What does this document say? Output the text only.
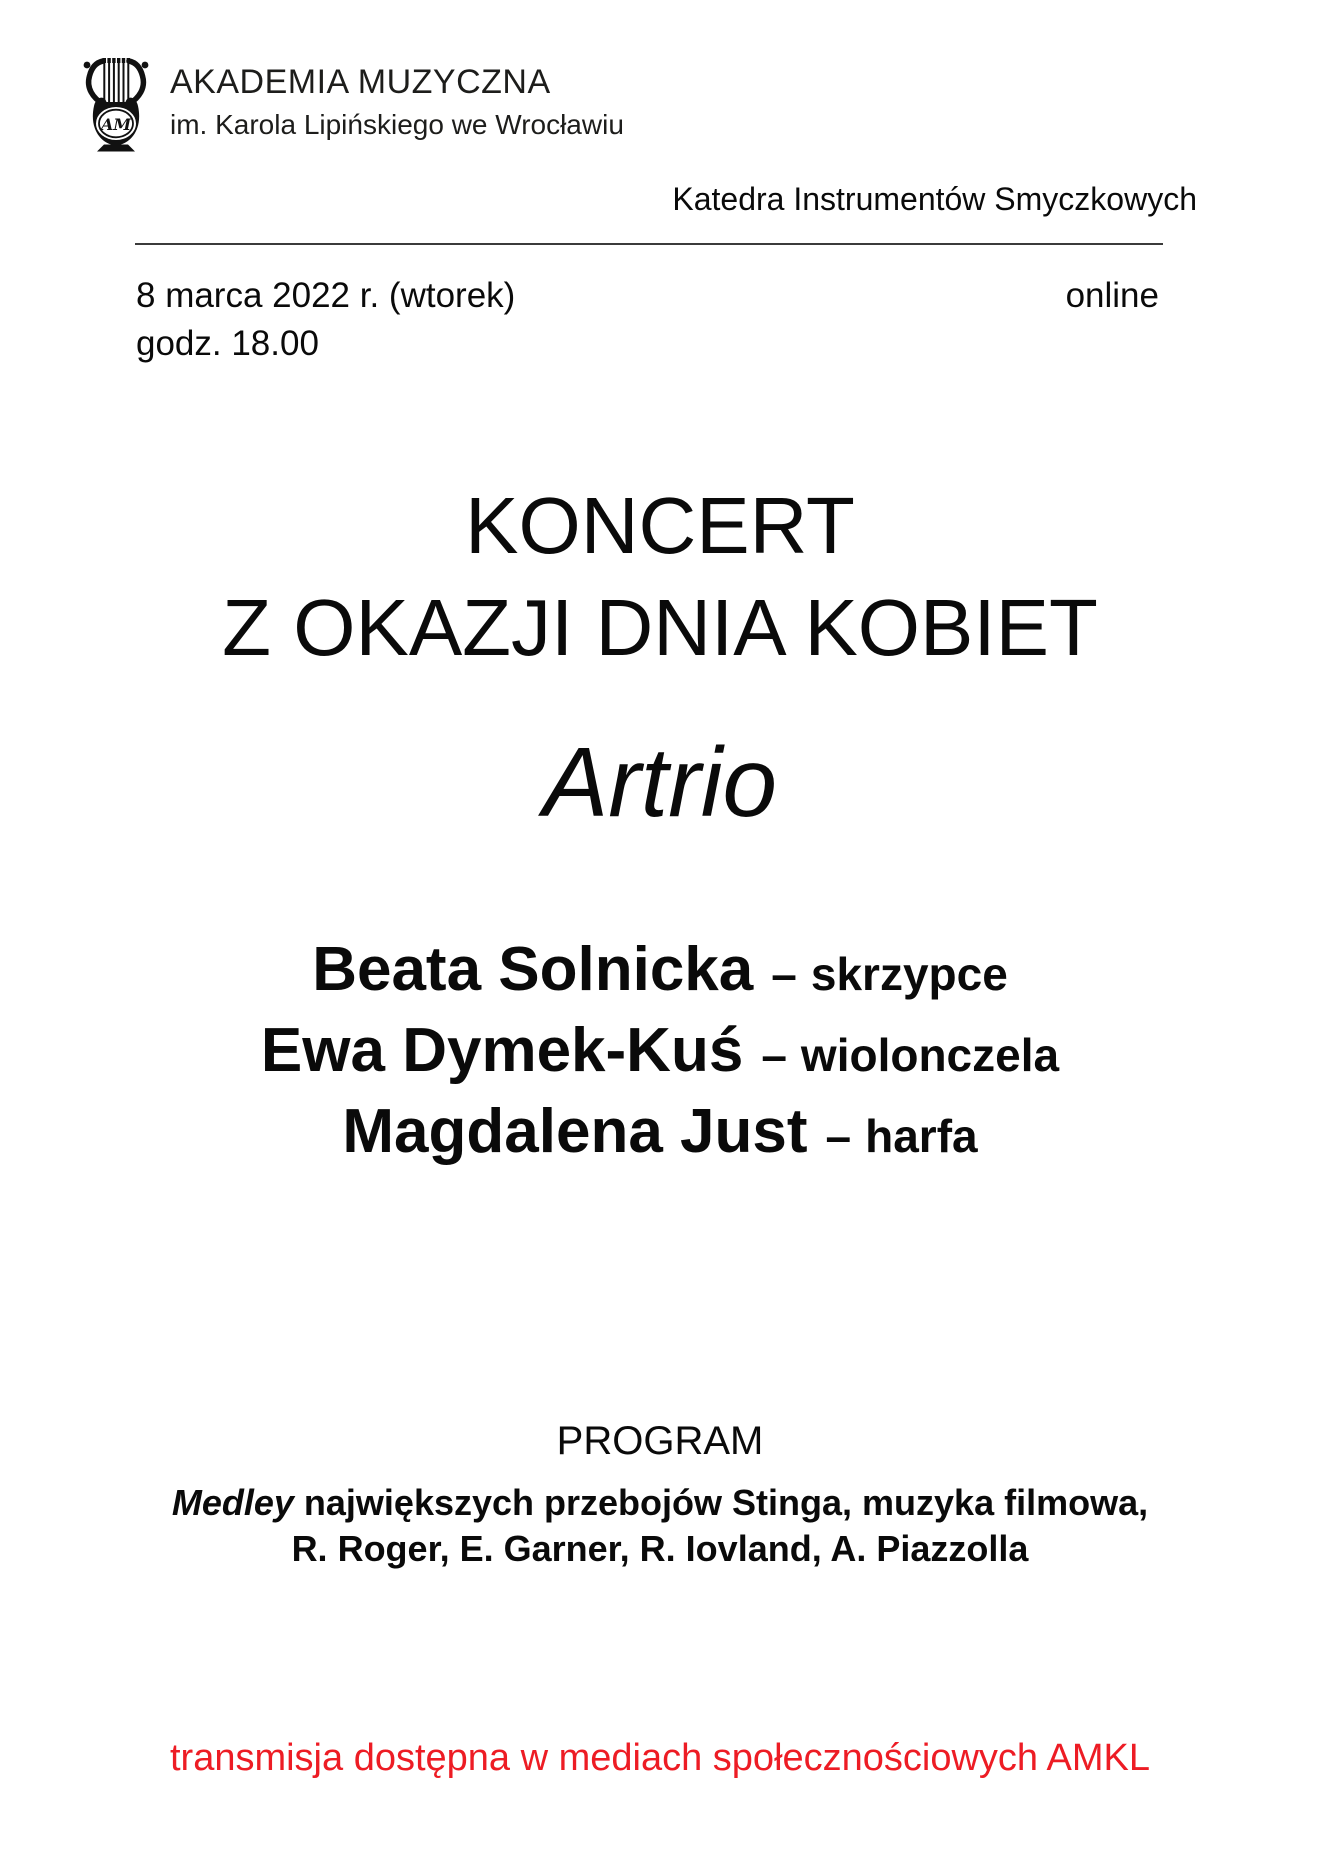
AM
AKADEMIA MUZYCZNA
im. Karola Lipińskiego we Wrocławiu
Katedra Instrumentów Smyczkowych
8 marca 2022 r. (wtorek)
godz. 18.00
online
KONCERT
Z OKAZJI DNIA KOBIET
Artrio
Beata Solnicka – skrzypce
Ewa Dymek-Kuś – wiolonczela
Magdalena Just – harfa
PROGRAM
Medley największych przebojów Stinga, muzyka filmowa,
R. Roger, E. Garner, R. Iovland, A. Piazzolla
transmisja dostępna w mediach społecznościowych AMKL
